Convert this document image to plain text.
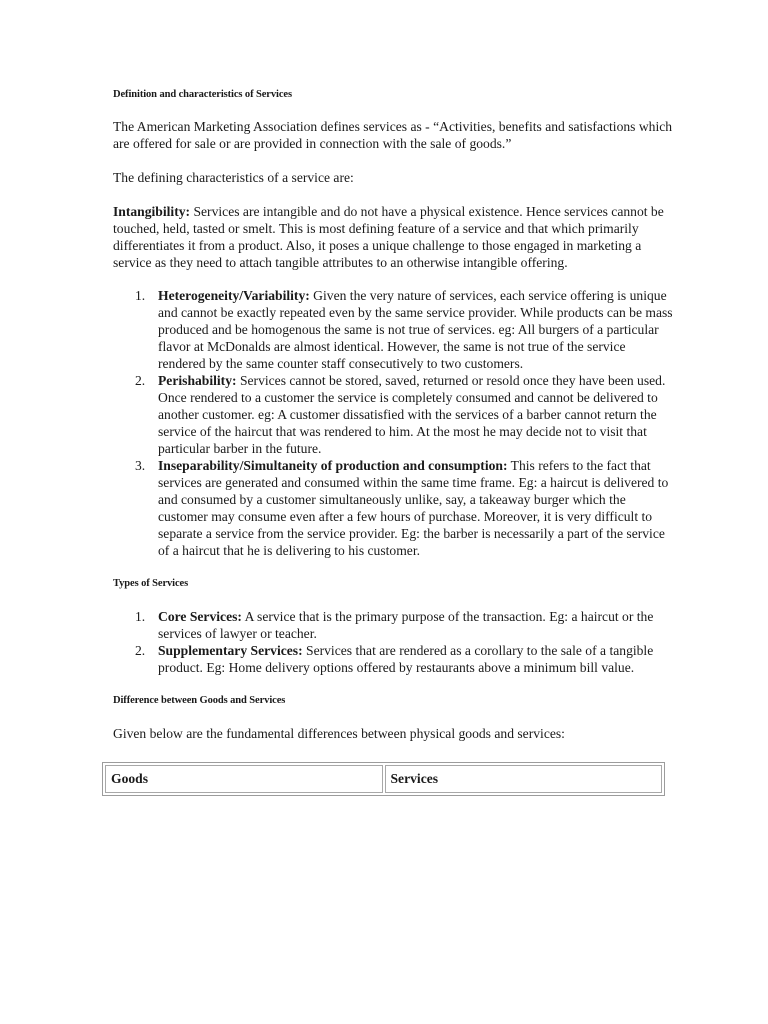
Definition and characteristics of Services

The American Marketing Association defines services as - “Activities, benefits and satisfactions which are offered for sale or are provided in connection with the sale of goods.”

The defining characteristics of a service are:

Intangibility: Services are intangible and do not have a physical existence. Hence services cannot be touched, held, tasted or smelt. This is most defining feature of a service and that which primarily differentiates it from a product. Also, it poses a unique challenge to those engaged in marketing a service as they need to attach tangible attributes to an otherwise intangible offering.

1. Heterogeneity/Variability: Given the very nature of services, each service offering is unique and cannot be exactly repeated even by the same service provider. While products can be mass produced and be homogenous the same is not true of services. eg: All burgers of a particular flavor at McDonalds are almost identical. However, the same is not true of the service rendered by the same counter staff consecutively to two customers.
2. Perishability: Services cannot be stored, saved, returned or resold once they have been used. Once rendered to a customer the service is completely consumed and cannot be delivered to another customer. eg: A customer dissatisfied with the services of a barber cannot return the service of the haircut that was rendered to him. At the most he may decide not to visit that particular barber in the future.
3. Inseparability/Simultaneity of production and consumption: This refers to the fact that services are generated and consumed within the same time frame. Eg: a haircut is delivered to and consumed by a customer simultaneously unlike, say, a takeaway burger which the customer may consume even after a few hours of purchase. Moreover, it is very difficult to separate a service from the service provider. Eg: the barber is necessarily a part of the service of a haircut that he is delivering to his customer.

Types of Services

1. Core Services: A service that is the primary purpose of the transaction. Eg: a haircut or the services of lawyer or teacher.
2. Supplementary Services: Services that are rendered as a corollary to the sale of a tangible product. Eg: Home delivery options offered by restaurants above a minimum bill value.

Difference between Goods and Services

Given below are the fundamental differences between physical goods and services:

Goods	Services
